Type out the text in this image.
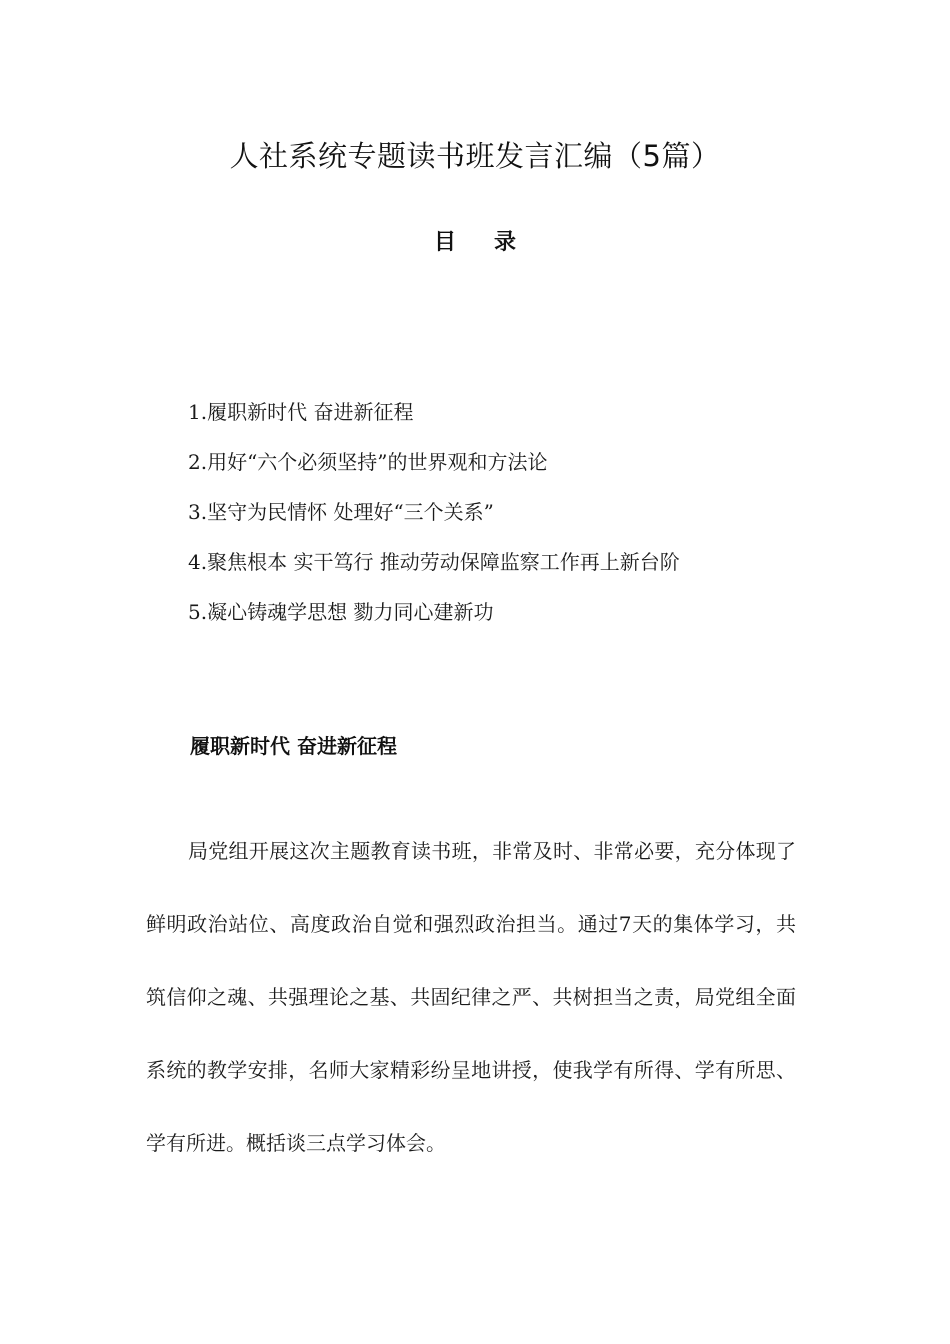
人社系统专题读书班发言汇编（5篇）
目录
1.履职新时代 奋进新征程
2.用好“六个必须坚持”的世界观和方法论
3.坚守为民情怀 处理好“三个关系”
4.聚焦根本 实干笃行 推动劳动保障监察工作再上新台阶
5.凝心铸魂学思想 勠力同心建新功
履职新时代 奋进新征程

局党组开展这次主题教育读书班，非常及时、非常必要，充分体现了鲜明政治站位、高度政治自觉和强烈政治担当。通过7天的集体学习，共筑信仰之魂、共强理论之基、共固纪律之严、共树担当之责，局党组全面系统的教学安排，名师大家精彩纷呈地讲授，使我学有所得、学有所思、学有所进。概括谈三点学习体会。
